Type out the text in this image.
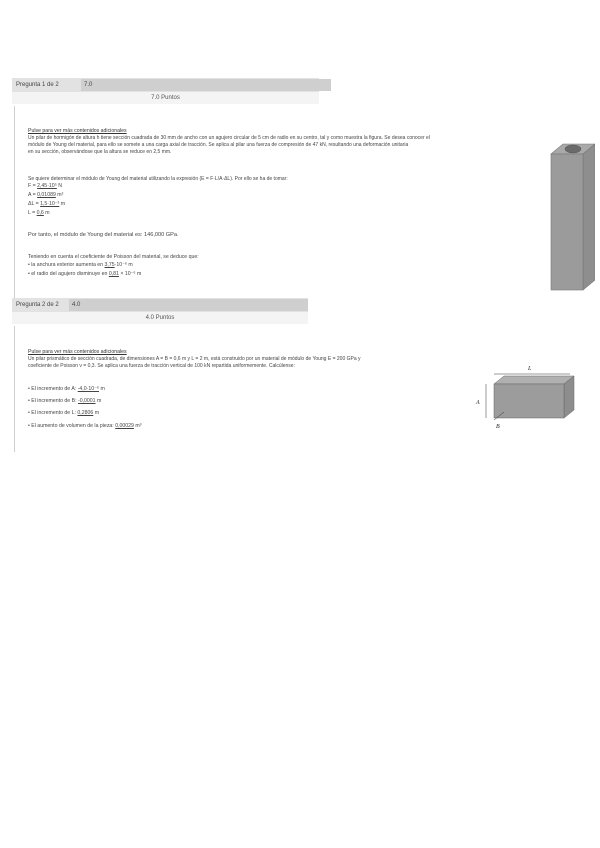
Pregunta 1 de 2	7.0
7.0 Puntos
Pulse para ver más contenidos adicionales
Un pilar de hormigón de altura h tiene sección cuadrada de 30 mm de ancho con un agujero circular de 5 cm de radio en su centro, tal y como muestra la figura. Se desea conocer el
módulo de Young del material, para ello se somete a una carga axial de tracción. Se aplica al pilar una fuerza de compresión de 47 kN, resultando una deformación unitaria
en su sección, observándose que la altura se reduce en 2,5 mm.
Se quiere determinar el módulo de Young del material utilizando la expresión (E = F·L/A·ΔL). Por ello se ha de tomar:
F = 2,45·10⁵ N
A = 0,01089 m²
ΔL = 1,5·10⁻³ m
L = 0,6 m
Por tanto, el módulo de Young del material es: 146,000 GPa.
Teniendo en cuenta el coeficiente de Poisson del material, se deduce que:
• la anchura exterior aumenta en 3,75·10⁻⁶ m
• el radio del agujero disminuye en 0,81 × 10⁻⁶ m
Pregunta 2 de 2	4.0
4.0 Puntos
Pulse para ver más contenidos adicionales
Un pilar prismático de sección cuadrada, de dimensiones A = B = 0,6 m y L = 2 m, está construido por un material de módulo de Young E = 200 GPa y
coeficiente de Poisson ν = 0,3. Se aplica una fuerza de tracción vertical de 100 kN repartida uniformemente. Calcúlense:
• El incremento de A: -4,0·10⁻⁶ m
• El incremento de B: -0,0001 m
• El incremento de L: 0,2806 m
• El aumento de volumen de la pieza: 0,00029 m³
L
A
B
